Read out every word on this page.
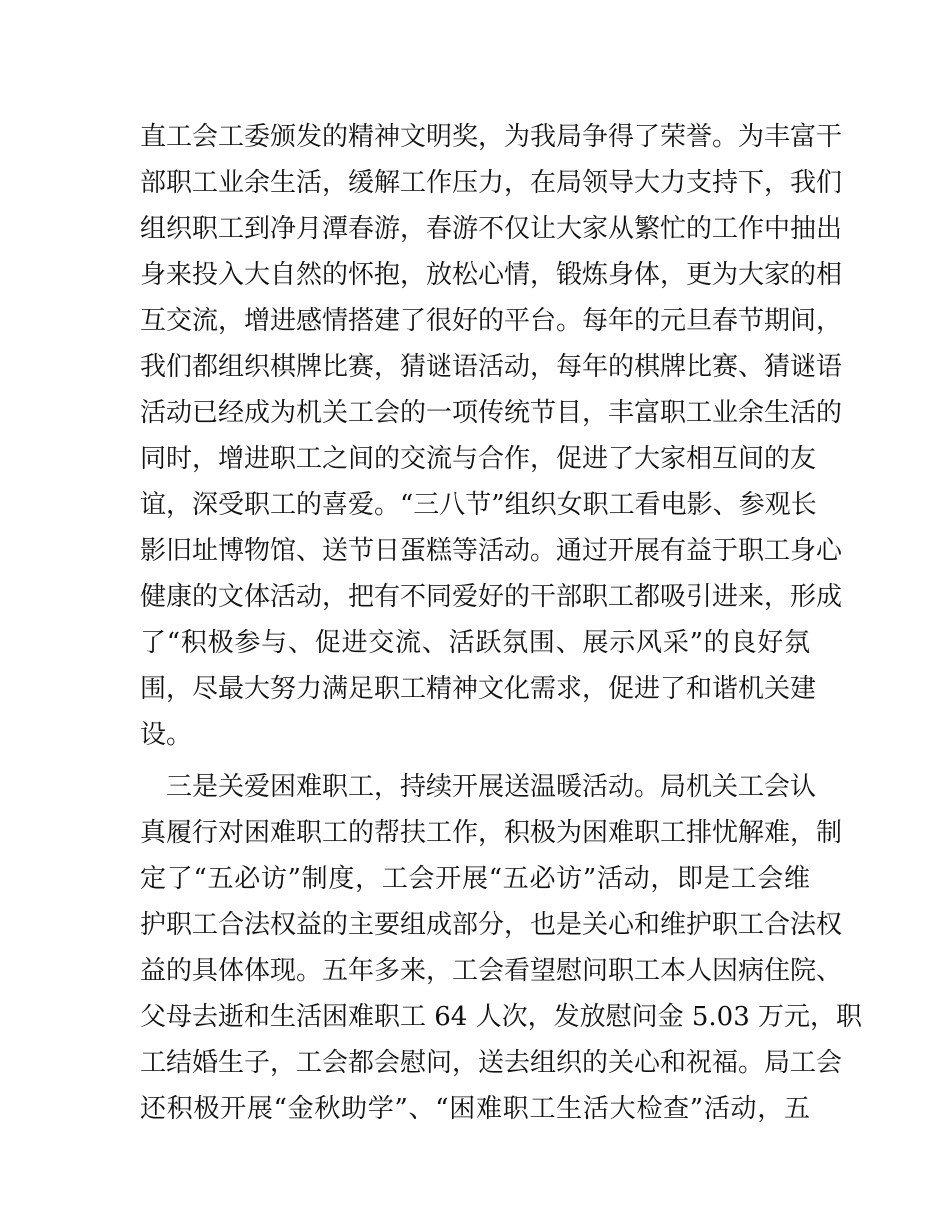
直工会工委颁发的精神文明奖，为我局争得了荣誉。为丰富干
部职工业余生活，缓解工作压力，在局领导大力支持下，我们
组织职工到净月潭春游，春游不仅让大家从繁忙的工作中抽出
身来投入大自然的怀抱，放松心情，锻炼身体，更为大家的相
互交流，增进感情搭建了很好的平台。每年的元旦春节期间，
我们都组织棋牌比赛，猜谜语活动，每年的棋牌比赛、猜谜语
活动已经成为机关工会的一项传统节目，丰富职工业余生活的
同时，增进职工之间的交流与合作，促进了大家相互间的友
谊，深受职工的喜爱。“三八节”组织女职工看电影、参观长
影旧址博物馆、送节日蛋糕等活动。通过开展有益于职工身心
健康的文体活动，把有不同爱好的干部职工都吸引进来，形成
了“积极参与、促进交流、活跃氛围、展示风采”的良好氛
围，尽最大努力满足职工精神文化需求，促进了和谐机关建
设。
三是关爱困难职工，持续开展送温暖活动。局机关工会认
真履行对困难职工的帮扶工作，积极为困难职工排忧解难，制
定了“五必访”制度，工会开展“五必访”活动，即是工会维
护职工合法权益的主要组成部分，也是关心和维护职工合法权
益的具体体现。五年多来，工会看望慰问职工本人因病住院、
父母去逝和生活困难职工 64 人次，发放慰问金 5.03 万元，职
工结婚生子，工会都会慰问，送去组织的关心和祝福。局工会
还积极开展“金秋助学”、“困难职工生活大检查”活动，五
